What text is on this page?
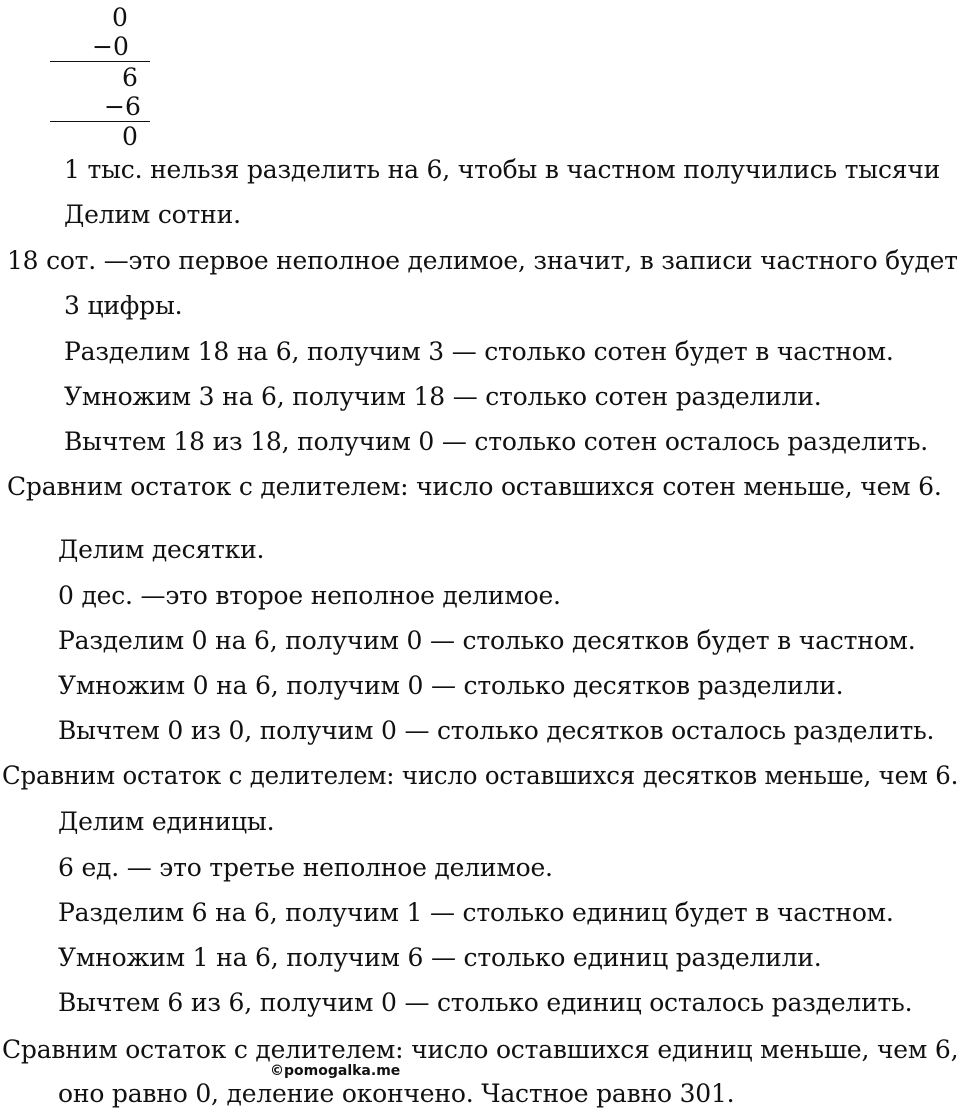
0
−0
6
−6
0
1 тыс. нельзя разделить на 6, чтобы в частном получились тысячи
Делим сотни.
18 сот. —это первое неполное делимое, значит, в записи частного будет
3 цифры.
Разделим 18 на 6, получим 3 — столько сотен будет в частном.
Умножим 3 на 6, получим 18 — столько сотен разделили.
Вычтем 18 из 18, получим 0 — столько сотен осталось разделить.
Сравним остаток с делителем: число оставшихся сотен меньше, чем 6.
Делим десятки.
0 дес. —это второе неполное делимое.
Разделим 0 на 6, получим 0 — столько десятков будет в частном.
Умножим 0 на 6, получим 0 — столько десятков разделили.
Вычтем 0 из 0, получим 0 — столько десятков осталось разделить.
Сравним остаток с делителем: число оставшихся десятков меньше, чем 6.
Делим единицы.
6 ед. — это третье неполное делимое.
Разделим 6 на 6, получим 1 — столько единиц будет в частном.
Умножим 1 на 6, получим 6 — столько единиц разделили.
Вычтем 6 из 6, получим 0 — столько единиц осталось разделить.
Сравним остаток с делителем: число оставшихся единиц меньше, чем 6,
оно равно 0, деление окончено. Частное равно 301.
©pomogalka.me
